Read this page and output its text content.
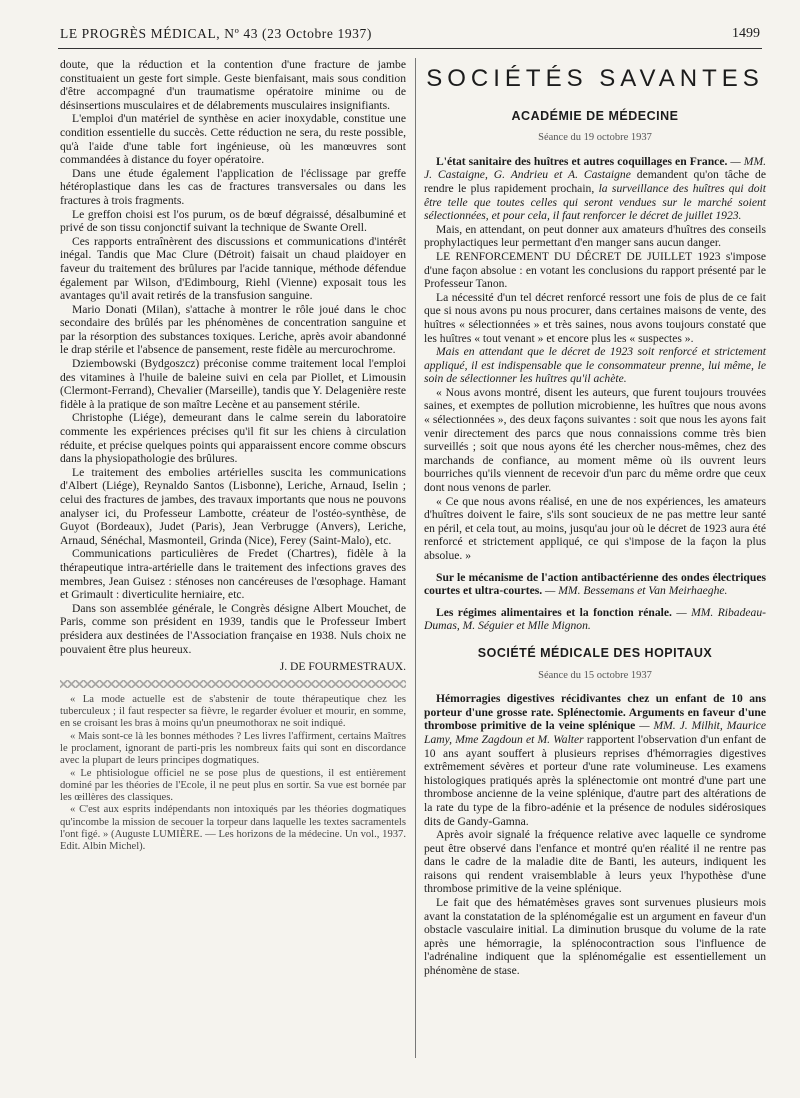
LE PROGRÈS MÉDICAL, Nº 43 (23 Octobre 1937)	1499

doute, que la réduction et la contention d'une fracture de jambe constituaient un geste fort simple. Geste bienfaisant, mais sous condition d'être accompagné d'un traumatisme opératoire minime ou de désinsertions musculaires et de délabrements musculaires insignifiants.

L'emploi d'un matériel de synthèse en acier inoxydable, constitue une condition essentielle du succès. Cette réduction ne sera, du reste possible, qu'à l'aide d'une table fort ingénieuse, où les manœuvres sont commandées à distance du foyer opératoire.

Dans une étude également l'application de l'éclissage par greffe hétéroplastique dans les cas de fractures transversales ou dans les fractures à trois fragments.

Le greffon choisi est l'os purum, os de bœuf dégraissé, désalbuminé et privé de son tissu conjonctif suivant la technique de Swante Orell.

Ces rapports entraînèrent des discussions et communications d'intérêt inégal. Tandis que Mac Clure (Détroit) faisait un chaud plaidoyer en faveur du traitement des brûlures par l'acide tannique, méthode défendue également par Wilson, d'Edimbourg, Riehl (Vienne) exposait tous les avantages qu'il avait retirés de la transfusion sanguine.

Mario Donati (Milan), s'attache à montrer le rôle joué dans le choc secondaire des brûlés par les phénomènes de concentration sanguine et par la résorption des substances toxiques. Leriche, après avoir abandonné le drap stérile et l'absence de pansement, reste fidèle au mercurochrome.

Dziembowski (Bydgoszcz) préconise comme traitement local l'emploi des vitamines à l'huile de baleine suivi en cela par Piollet, et Limousin (Clermont-Ferrand), Chevalier (Marseille), tandis que Y. Delagenière reste fidèle à la pratique de son maître Lecène et au pansement stérile.

Christophe (Liége), demeurant dans le calme serein du laboratoire commente les expériences précises qu'il fit sur les chiens à circulation réduite, et précise quelques points qui apparaissent encore comme obscurs dans la physiopathologie des brûlures.

Le traitement des embolies artérielles suscita les communications d'Albert (Liége), Reynaldo Santos (Lisbonne), Leriche, Arnaud, Iselin ; celui des fractures de jambes, des travaux importants que nous ne pouvons analyser ici, du Professeur Lambotte, créateur de l'ostéo-synthèse, de Guyot (Bordeaux), Judet (Paris), Jean Verbrugge (Anvers), Leriche, Arnaud, Sénéchal, Masmonteil, Grinda (Nice), Ferey (Saint-Malo), etc.

Communications particulières de Fredet (Chartres), fidèle à la thérapeutique intra-artérielle dans le traitement des infections graves des membres, Jean Guisez : sténoses non cancéreuses de l'œsophage. Hamant et Grimault : diverticulite herniaire, etc.

Dans son assemblée générale, le Congrès désigne Albert Mouchet, de Paris, comme son président en 1939, tandis que le Professeur Imbert présidera aux destinées de l'Association française en 1938. Nuls choix ne pouvaient être plus heureux.

J. DE FOURMESTRAUX.

« La mode actuelle est de s'abstenir de toute thérapeutique chez les tuberculeux ; il faut respecter sa fièvre, le regarder évoluer et mourir, en somme, en se croisant les bras à moins qu'un pneumothorax ne soit indiqué.

« Mais sont-ce là les bonnes méthodes ? Les livres l'affirment, certains Maîtres le proclament, ignorant de parti-pris les nombreux faits qui sont en discordance avec la plupart de leurs principes dogmatiques.

« Le phtisiologue officiel ne se pose plus de questions, il est entièrement dominé par les théories de l'Ecole, il ne peut plus en sortir. Sa vue est bornée par les œillères des classiques.

« C'est aux esprits indépendants non intoxiqués par les théories dogmatiques qu'incombe la mission de secouer la torpeur dans laquelle les textes sacramentels l'ont figé. » (Auguste LUMIÈRE. — Les horizons de la médecine. Un vol., 1937. Edit. Albin Michel).

SOCIÉTÉS SAVANTES
ACADÉMIE DE MÉDECINE
Séance du 19 octobre 1937

L'état sanitaire des huîtres et autres coquillages en France. — MM. J. Castaigne, G. Andrieu et A. Castaigne demandent qu'on tâche de rendre le plus rapidement prochain, la surveillance des huîtres qui doit être telle que toutes celles qui seront vendues sur le marché soient sélectionnées, et pour cela, il faut renforcer le décret de juillet 1923.

Mais, en attendant, on peut donner aux amateurs d'huîtres des conseils prophylactiques leur permettant d'en manger sans aucun danger.

LE RENFORCEMENT DU DÉCRET DE JUILLET 1923 s'impose d'une façon absolue : en votant les conclusions du rapport présenté par le Professeur Tanon.

La nécessité d'un tel décret renforcé ressort une fois de plus de ce fait que si nous avons pu nous procurer, dans certaines maisons de vente, des huîtres « sélectionnées » et très saines, nous avons toujours constaté que les huîtres « tout venant » et encore plus les « suspectes ».

Mais en attendant que le décret de 1923 soit renforcé et strictement appliqué, il est indispensable que le consommateur prenne, lui même, le soin de sélectionner les huîtres qu'il achète.

« Nous avons montré, disent les auteurs, que furent toujours trouvées saines, et exemptes de pollution microbienne, les huîtres que nous avons « sélectionnées », des deux façons suivantes : soit que nous les ayons fait venir directement des parcs que nous connaissions comme très bien surveillés ; soit que nous ayons été les chercher nous-mêmes, chez des marchands de confiance, au moment même où ils ouvrent leurs bourriches qu'ils viennent de recevoir d'un parc du même ordre que ceux dont nous venons de parler.

« Ce que nous avons réalisé, en une de nos expériences, les amateurs d'huîtres doivent le faire, s'ils sont soucieux de ne pas mettre leur santé en péril, et cela tout, au moins, jusqu'au jour où le décret de 1923 aura été renforcé et strictement appliqué, ce qui s'impose de la façon la plus absolue. »

Sur le mécanisme de l'action antibactérienne des ondes électriques courtes et ultra-courtes. — MM. Bessemans et Van Meirhaeghe.

Les régimes alimentaires et la fonction rénale. — MM. Ribadeau-Dumas, M. Séguier et Mlle Mignon.

SOCIÉTÉ MÉDICALE DES HOPITAUX
Séance du 15 octobre 1937

Hémorragies digestives récidivantes chez un enfant de 10 ans porteur d'une grosse rate. Splénectomie. Arguments en faveur d'une thrombose primitive de la veine splénique — MM. J. Milhit, Maurice Lamy, Mme Zagdoun et M. Walter rapportent l'observation d'un enfant de 10 ans ayant souffert à plusieurs reprises d'hémorragies digestives extrêmement sévères et porteur d'une rate volumineuse. Les examens histologiques pratiqués après la splénectomie ont montré d'une part une thrombose ancienne de la veine splénique, d'autre part des altérations de la rate du type de la fibro-adénie et la présence de nodules sidérosiques dits de Gandy-Gamna.

Après avoir signalé la fréquence relative avec laquelle ce syndrome peut être observé dans l'enfance et montré qu'en réalité il ne rentre pas dans le cadre de la maladie dite de Banti, les auteurs, indiquent les raisons qui rendent vraisemblable à leurs yeux l'hypothèse d'une thrombose primitive de la veine splénique.

Le fait que des hématémèses graves sont survenues plusieurs mois avant la constatation de la splénomégalie est un argument en faveur d'un obstacle vasculaire initial. La diminution brusque du volume de la rate après une hémorragie, la splénocontraction sous l'influence de l'adrénaline indiquent que la splénomégalie est essentiellement un phénomène de stase.
